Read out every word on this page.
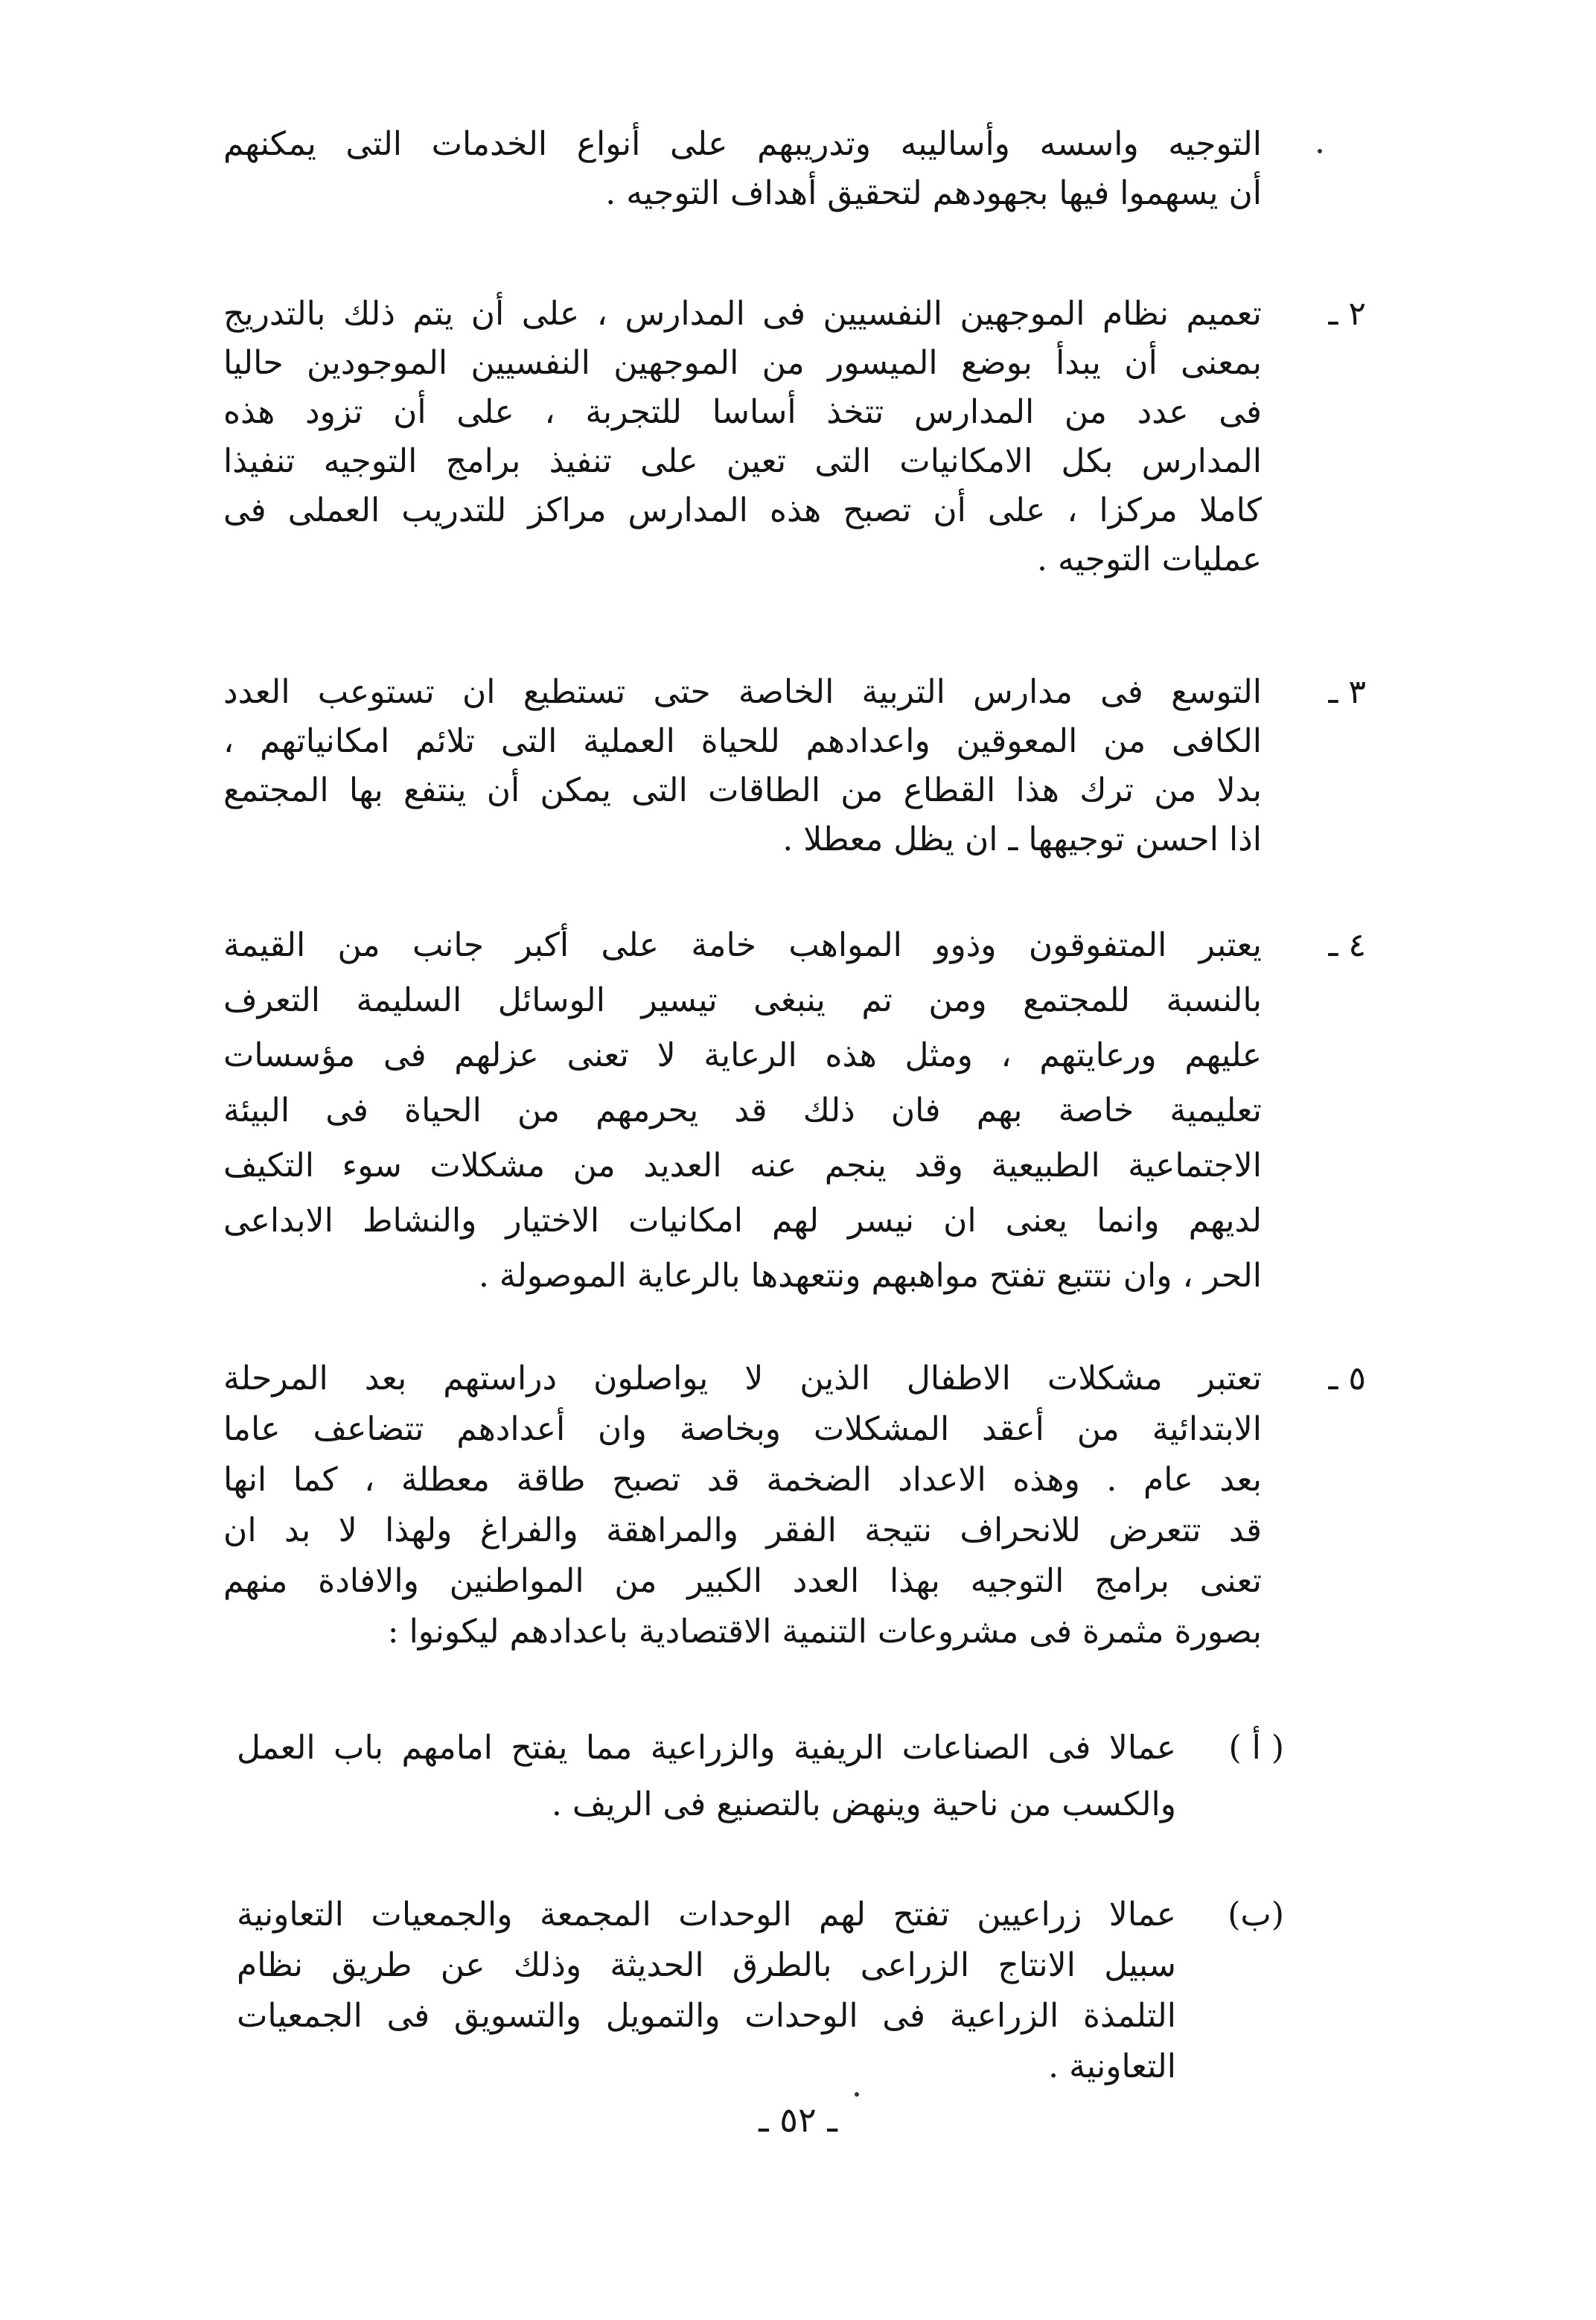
التوجيه واسسه وأساليبه وتدريبهم على أنواع الخدمات التى يمكنهم
أن يسهموا فيها بجهودهم لتحقيق أهداف التوجيه .
٢ ـ
تعميم نظام الموجهين النفسيين فى المدارس ، على أن يتم ذلك بالتدريج
بمعنى أن يبدأ بوضع الميسور من الموجهين النفسيين الموجودين حاليا
فى عدد من المدارس تتخذ أساسا للتجربة ، على أن تزود هذه
المدارس بكل الامكانيات التى تعين على تنفيذ برامج التوجيه تنفيذا
كاملا مركزا ، على أن تصبح هذه المدارس مراكز للتدريب العملى فى
عمليات التوجيه .
٣ ـ
التوسع فى مدارس التربية الخاصة حتى تستطيع ان تستوعب العدد
الكافى من المعوقين واعدادهم للحياة العملية التى تلائم امكانياتهم ،
بدلا من ترك هذا القطاع من الطاقات التى يمكن أن ينتفع بها المجتمع
اذا احسن توجيهها ـ ان يظل معطلا .
٤ ـ
يعتبر المتفوقون وذوو المواهب خامة على أكبر جانب من القيمة
بالنسبة للمجتمع ومن تم ينبغى تيسير الوسائل السليمة التعرف
عليهم ورعايتهم ، ومثل هذه الرعاية لا تعنى عزلهم فى مؤسسات
تعليمية خاصة بهم فان ذلك قد يحرمهم من الحياة فى البيئة
الاجتماعية الطبيعية وقد ينجم عنه العديد من مشكلات سوء التكيف
لديهم وانما يعنى ان نيسر لهم امكانيات الاختيار والنشاط الابداعى
الحر ، وان نتتبع تفتح مواهبهم ونتعهدها بالرعاية الموصولة .
٥ ـ
تعتبر مشكلات الاطفال الذين لا يواصلون دراستهم بعد المرحلة
الابتدائية من أعقد المشكلات وبخاصة وان أعدادهم تتضاعف عاما
بعد عام . وهذه الاعداد الضخمة قد تصبح طاقة معطلة ، كما انها
قد تتعرض للانحراف نتيجة الفقر والمراهقة والفراغ ولهذا لا بد ان
تعنى برامج التوجيه بهذا العدد الكبير من المواطنين والافادة منهم
بصورة مثمرة فى مشروعات التنمية الاقتصادية باعدادهم ليكونوا :
( أ )
عمالا فى الصناعات الريفية والزراعية مما يفتح امامهم باب العمل
والكسب من ناحية وينهض بالتصنيع فى الريف .
(ب)
عمالا زراعيين تفتح لهم الوحدات المجمعة والجمعيات التعاونية
سبيل الانتاج الزراعى بالطرق الحديثة وذلك عن طريق نظام
التلمذة الزراعية فى الوحدات والتمويل والتسويق فى الجمعيات
التعاونية .
ـ ٥٢ ـ
